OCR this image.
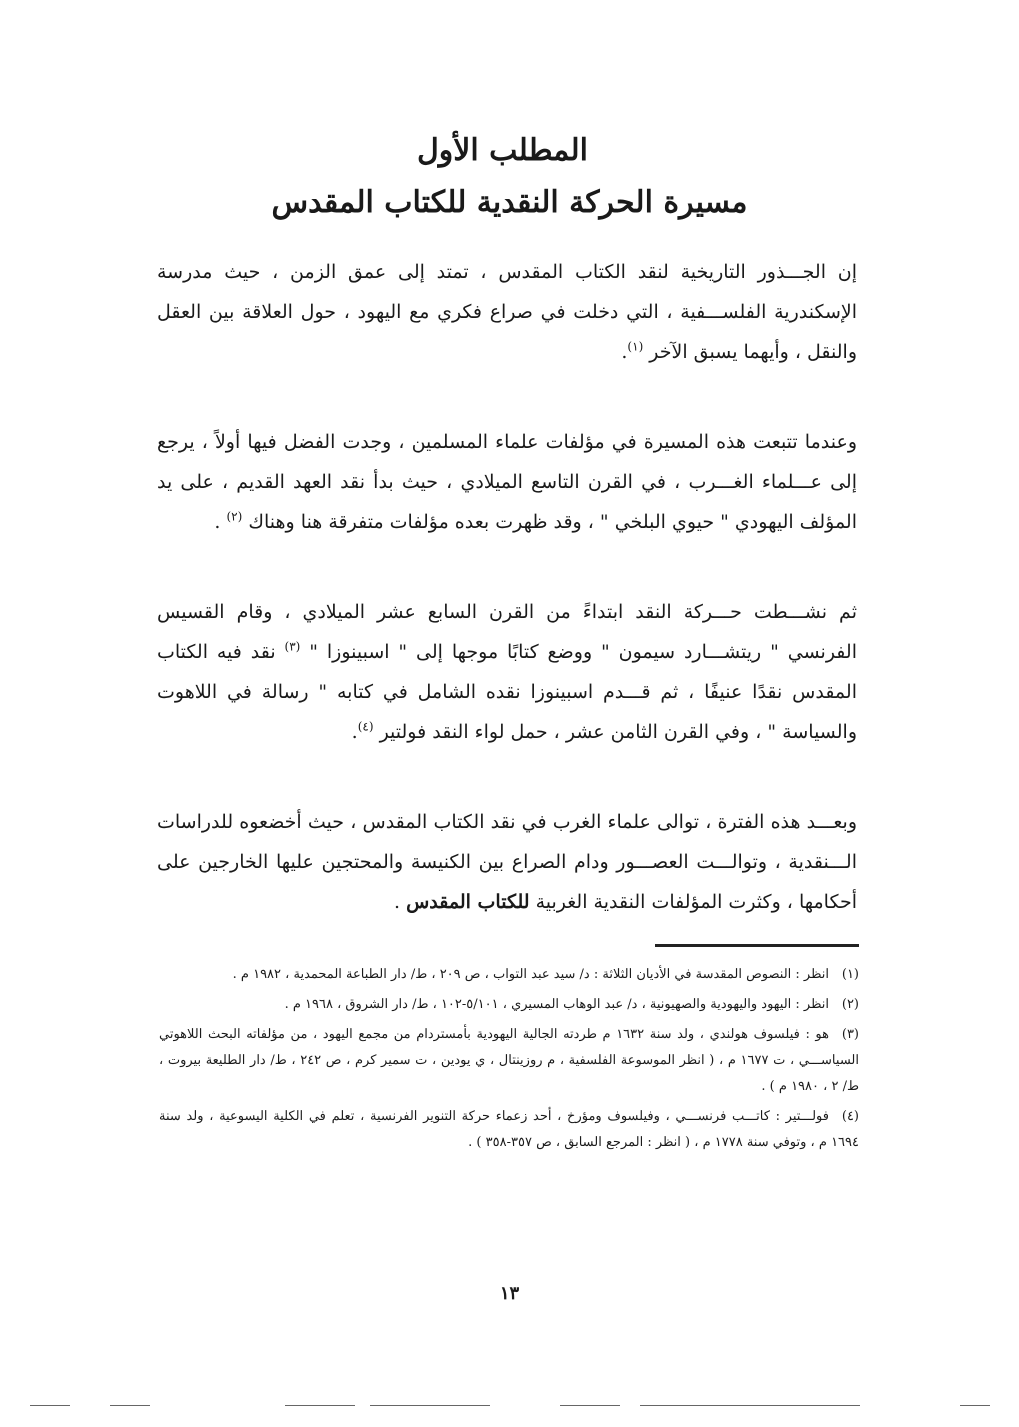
المطلب الأول
مسيرة الحركة النقدية للكتاب المقدس

إن الجـــذور التاريخية لنقد الكتاب المقدس ، تمتد إلى عمق الزمن ، حيث مدرسة الإسكندرية الفلســـفية ، التي دخلت في صراع فكري مع اليهود ، حول العلاقة بين العقل والنقل ، وأيهما يسبق الآخر $^{(١)}$.

وعندما تتبعت هذه المسيرة في مؤلفات علماء المسلمين ، وجدت الفضل فيها أولاً ، يرجع إلى عـــلماء الغـــرب ، في القرن التاسع الميلادي ، حيث بدأ نقد العهد القديم ، على يد المؤلف اليهودي " حيوي البلخي " ، وقد ظهرت بعده مؤلفات متفرقة هنا وهناك $^{(٢)}$ .

ثم نشـــطت حـــركة النقد ابتداءً من القرن السابع عشر الميلادي ، وقام القسيس الفرنسي " ريتشـــارد سيمون " ووضع كتابًا موجها إلى " اسبينوزا " $^{(٣)}$ نقد فيه الكتاب المقدس نقدًا عنيفًا ، ثم قـــدم اسبينوزا نقده الشامل في كتابه " رسالة في اللاهوت والسياسة " ، وفي القرن الثامن عشر ، حمل لواء النقد فولتير $^{(٤)}$.

وبعـــد هذه الفترة ، توالى علماء الغرب في نقد الكتاب المقدس ، حيث أخضعوه للدراسات الـــنقدية ، وتوالـــت العصـــور ودام الصراع بين الكنيسة والمحتجين عليها الخارجين على أحكامها ، وكثرت المؤلفات النقدية الغربية للكتاب المقدس .

(١)انظر : النصوص المقدسة في الأديان الثلاثة : د/ سيد عبد التواب ، ص ٢٠٩ ، ط/ دار الطباعة المحمدية ، ١٩٨٢ م .

(٢)انظر : اليهود واليهودية والصهيونية ، د/ عبد الوهاب المسيري ، ٥/١٠١-١٠٢ ، ط/ دار الشروق ، ١٩٦٨ م .

(٣)هو : فيلسوف هولندي ، ولد سنة ١٦٣٢ م طردته الجالية اليهودية بأمستردام من مجمع اليهود ، من مؤلفاته البحث اللاهوتي السياســـي ، ت ١٦٧٧ م ، ( انظر الموسوعة الفلسفية ، م روزينتال ، ي يودين ، ت سمير كرم ، ص ٢٤٢ ، ط/ دار الطليعة بيروت ، ط/ ٢ ، ١٩٨٠ م ) .

(٤)فولـــتير : كاتـــب فرنســـي ، وفيلسوف ومؤرخ ، أحد زعماء حركة التنوير الفرنسية ، تعلم في الكلية اليسوعية ، ولد سنة ١٦٩٤ م ، وتوفي سنة ١٧٧٨ م ، ( انظر : المرجع السابق ، ص ٣٥٧-٣٥٨ ) .

١٣
